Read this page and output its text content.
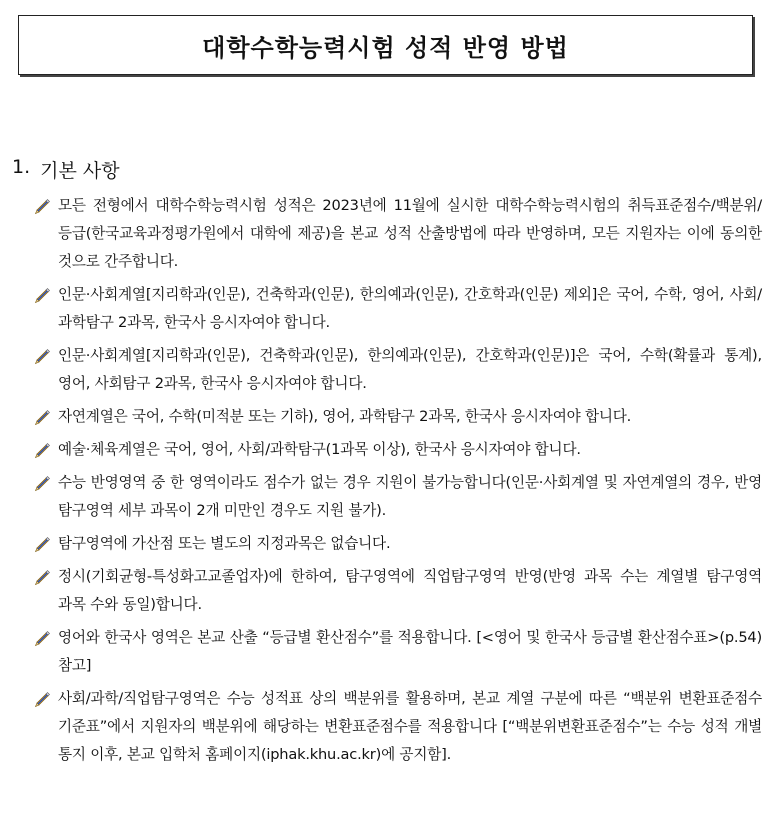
대학수학능력시험 성적 반영 방법
1. 기본 사항
모든 전형에서 대학수학능력시험 성적은 2023년에 11월에 실시한 대학수학능력시험의 취득표준점수/백분위/등급(한국교육과정평가원에서 대학에 제공)을 본교 성적 산출방법에 따라 반영하며, 모든 지원자는 이에 동의한 것으로 간주합니다.
인문·사회계열[지리학과(인문), 건축학과(인문), 한의예과(인문), 간호학과(인문) 제외]은 국어, 수학, 영어, 사회/과학탐구 2과목, 한국사 응시자여야 합니다.
인문·사회계열[지리학과(인문), 건축학과(인문), 한의예과(인문), 간호학과(인문)]은 국어, 수학(확률과 통계), 영어, 사회탐구 2과목, 한국사 응시자여야 합니다.
자연계열은 국어, 수학(미적분 또는 기하), 영어, 과학탐구 2과목, 한국사 응시자여야 합니다.
예술·체육계열은 국어, 영어, 사회/과학탐구(1과목 이상), 한국사 응시자여야 합니다.
수능 반영영역 중 한 영역이라도 점수가 없는 경우 지원이 불가능합니다(인문·사회계열 및 자연계열의 경우, 반영 탐구영역 세부 과목이 2개 미만인 경우도 지원 불가).
탐구영역에 가산점 또는 별도의 지정과목은 없습니다.
정시(기회균형-특성화고교졸업자)에 한하여, 탐구영역에 직업탐구영역 반영(반영 과목 수는 계열별 탐구영역 과목 수와 동일)합니다.
영어와 한국사 영역은 본교 산출 “등급별 환산점수”를 적용합니다. [<영어 및 한국사 등급별 환산점수표>(p.54) 참고]
사회/과학/직업탐구영역은 수능 성적표 상의 백분위를 활용하며, 본교 계열 구분에 따른 “백분위 변환표준점수 기준표”에서 지원자의 백분위에 해당하는 변환표준점수를 적용합니다 [“백분위변환표준점수”는 수능 성적 개별 통지 이후, 본교 입학처 홈페이지(iphak.khu.ac.kr)에 공지함].
